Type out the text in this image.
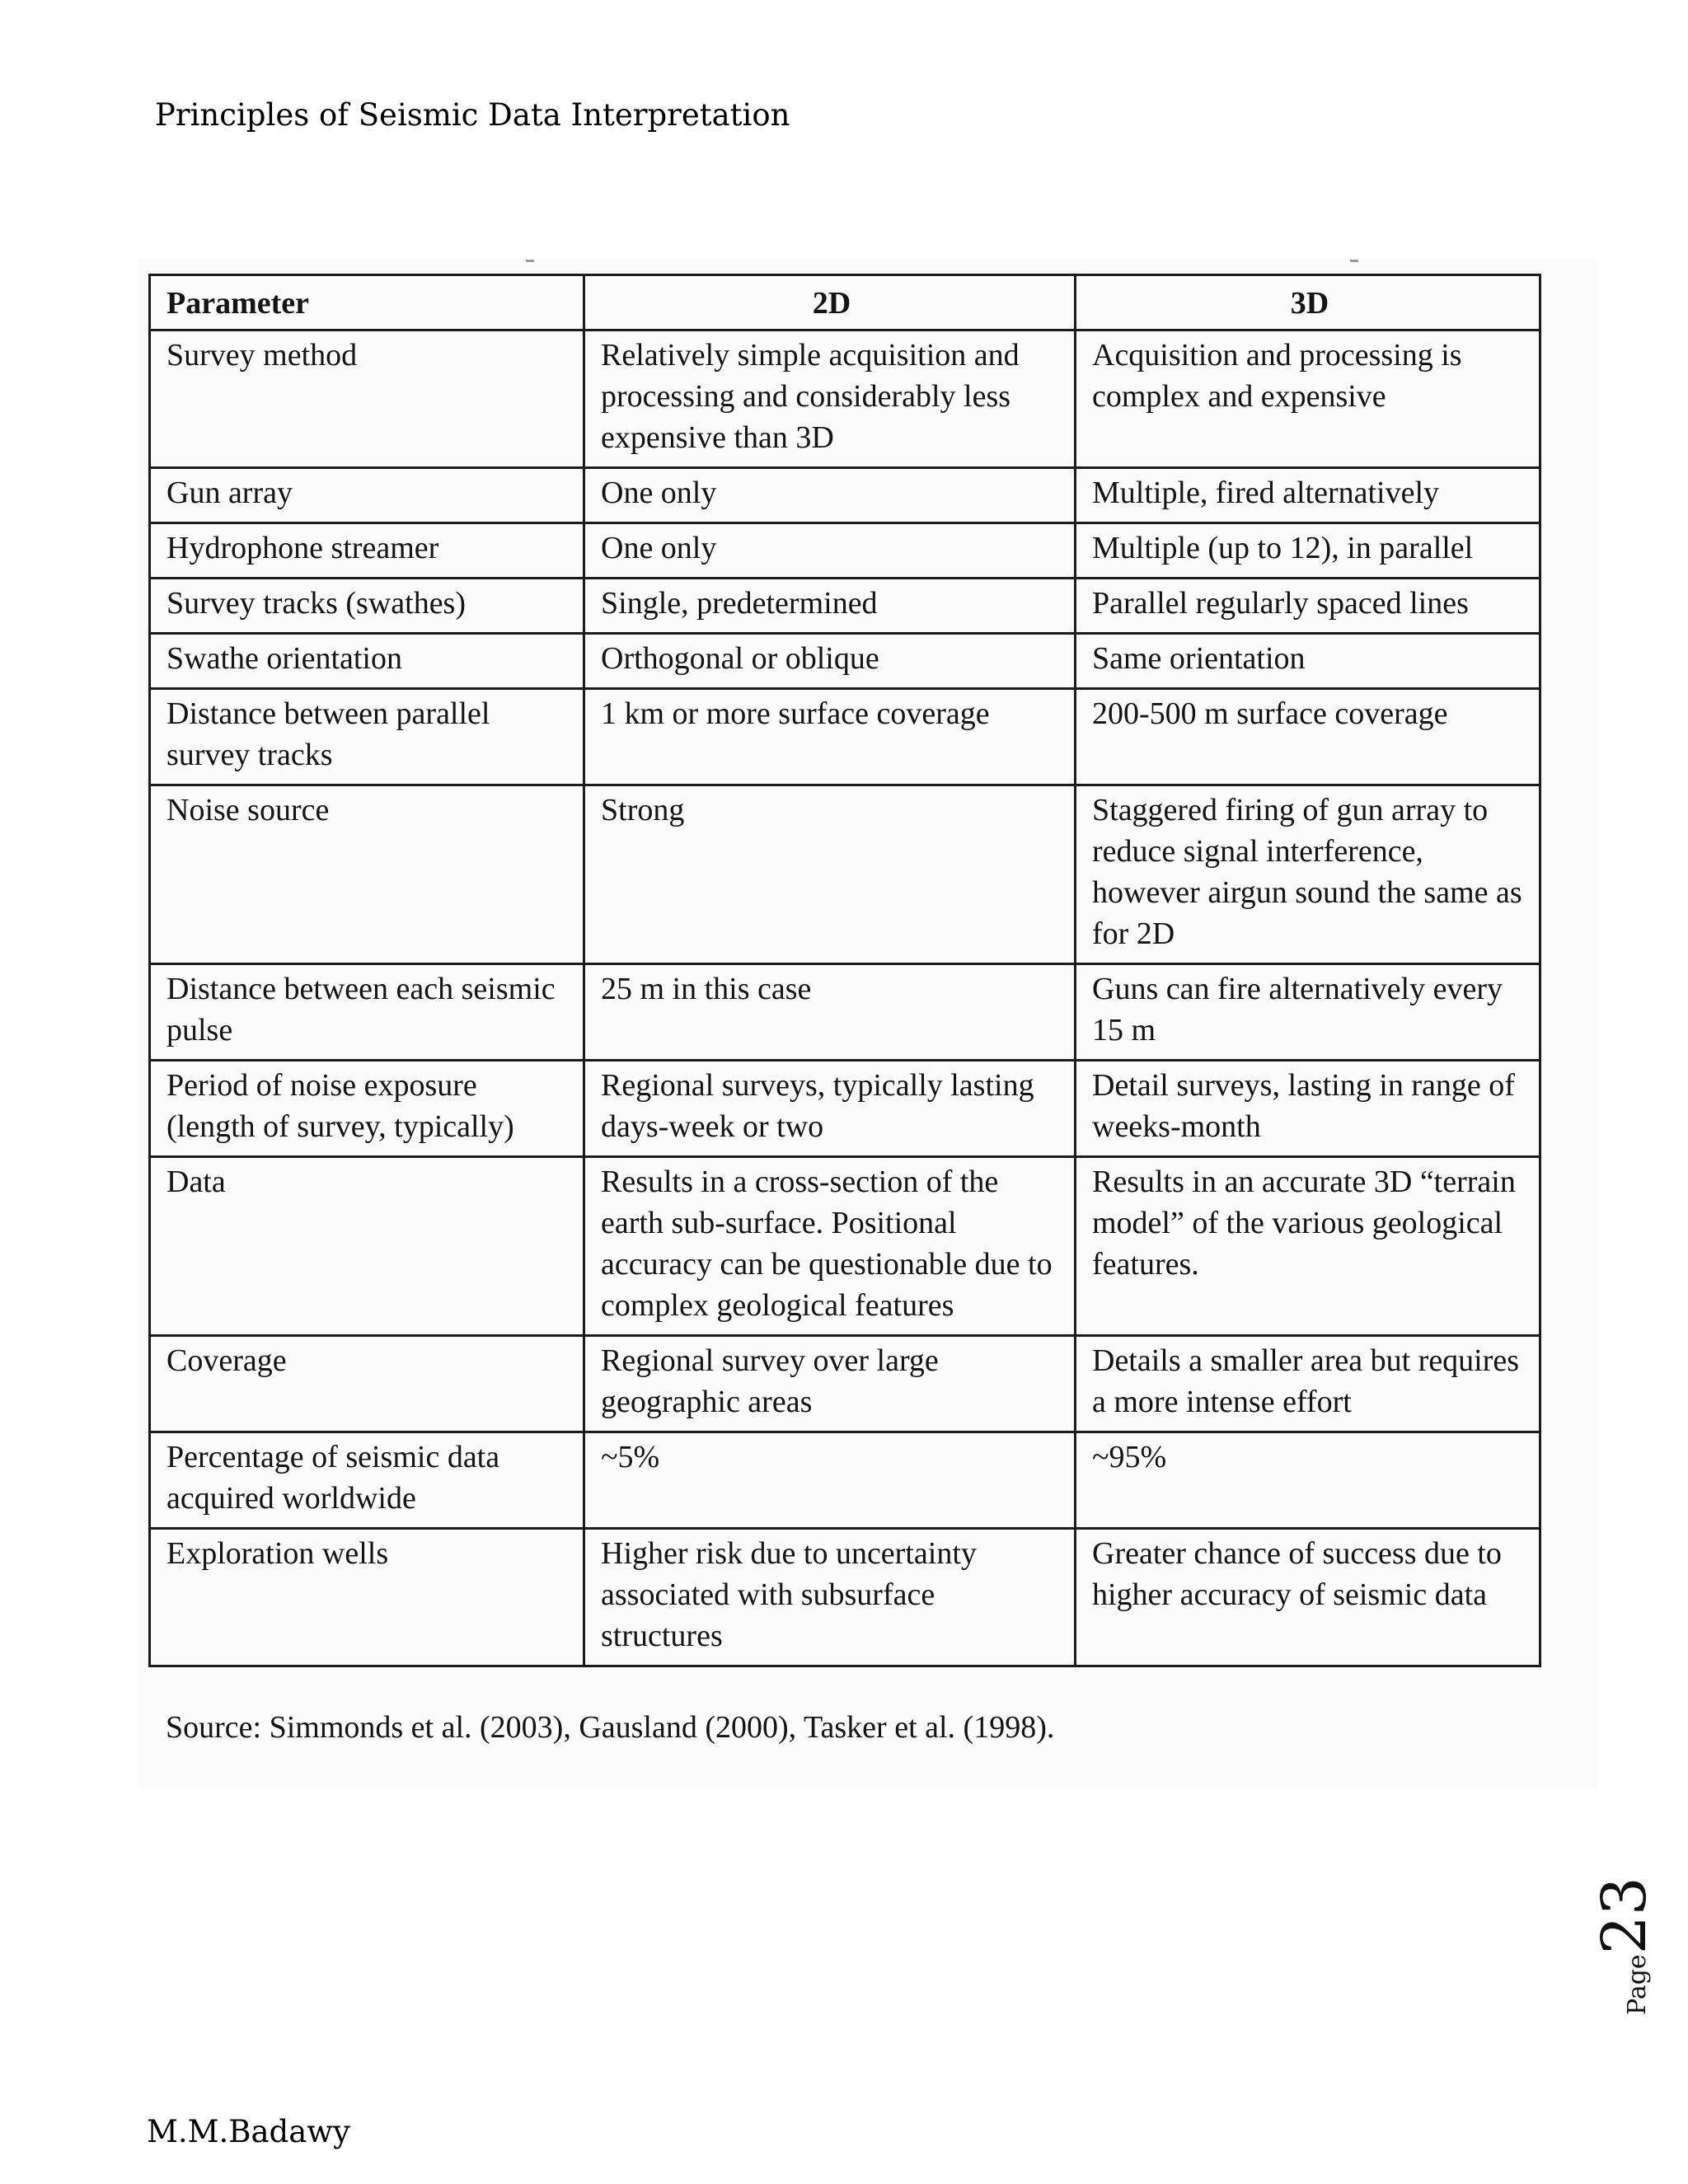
Principles of Seismic Data Interpretation
Parameter	2D	3D
Survey method	Relatively simple acquisition and processing and considerably less expensive than 3D	Acquisition and processing is complex and expensive
Gun array	One only	Multiple, fired alternatively
Hydrophone streamer	One only	Multiple (up to 12), in parallel
Survey tracks (swathes)	Single, predetermined	Parallel regularly spaced lines
Swathe orientation	Orthogonal or oblique	Same orientation
Distance between parallel survey tracks	1 km or more surface coverage	200-500 m surface coverage
Noise source	Strong	Staggered firing of gun array to reduce signal interference, however airgun sound the same as for 2D
Distance between each seismic pulse	25 m in this case	Guns can fire alternatively every 15 m
Period of noise exposure (length of survey, typically)	Regional surveys, typically lasting days-week or two	Detail surveys, lasting in range of weeks-month
Data	Results in a cross-section of the earth sub-surface. Positional accuracy can be questionable due to complex geological features	Results in an accurate 3D “terrain model” of the various geological features.
Coverage	Regional survey over large geographic areas	Details a smaller area but requires a more intense effort
Percentage of seismic data acquired worldwide	~5%	~95%
Exploration wells	Higher risk due to uncertainty associated with subsurface structures	Greater chance of success due to higher accuracy of seismic data
Source: Simmonds et al. (2003), Gausland (2000), Tasker et al. (1998).
Page23
M.M.Badawy
